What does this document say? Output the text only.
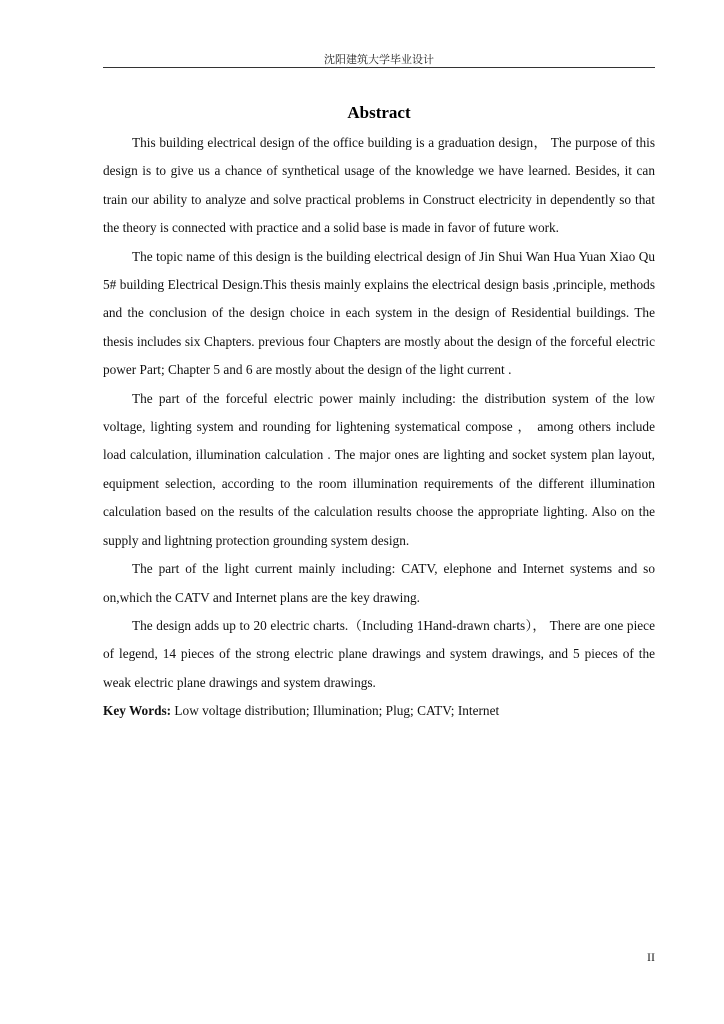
沈阳建筑大学毕业设计
Abstract

This building electrical design of the office building is a graduation design， The purpose of this design is to give us a chance of synthetical usage of the knowledge we have learned. Besides, it can train our ability to analyze and solve practical problems in Construct electricity in dependently so that the theory is connected with practice and a solid base is made in favor of future work.

The topic name of this design is the building electrical design of Jin Shui Wan Hua Yuan Xiao Qu 5# building Electrical Design.This thesis mainly explains the electrical design basis ,principle, methods and the conclusion of the design choice in each system in the design of Residential buildings. The thesis includes six Chapters. previous four Chapters are mostly about the design of the forceful electric power Part; Chapter 5 and 6 are mostly about the design of the light current .

The part of the forceful electric power mainly including: the distribution system of the low voltage, lighting system and rounding for lightening systematical compose ， among others include load calculation, illumination calculation . The major ones are lighting and socket system plan layout, equipment selection, according to the room illumination requirements of the different illumination calculation based on the results of the calculation results choose the appropriate lighting. Also on the supply and lightning protection grounding system design.

The part of the light current mainly including: CATV, elephone and Internet systems and so on,which the CATV and Internet plans are the key drawing.

The design adds up to 20 electric charts.（Including 1Hand-drawn charts）， There are one piece of legend, 14 pieces of the strong electric plane drawings and system drawings, and 5 pieces of the weak electric plane drawings and system drawings.

Key Words: Low voltage distribution; Illumination; Plug; CATV; Internet

II
